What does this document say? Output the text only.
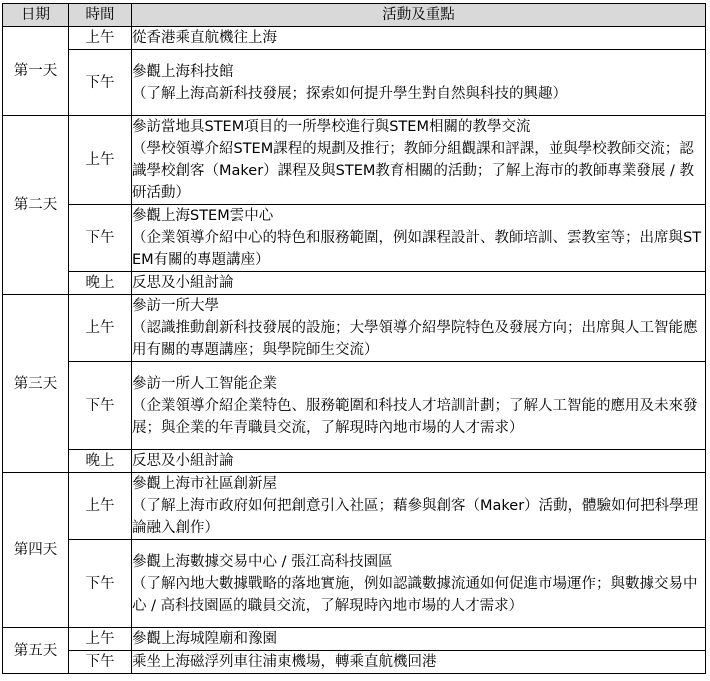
日期	時間	活動及重點
第一天	上午	從香港乘直航機往上海

	下午	參觀上海科技館
（了解上海高新科技發展；探索如何提升學生對自然與科技的興趣）

第二天	上午	參訪當地具STEM項目的一所學校進行與STEM相關的教學交流
（學校領導介紹STEM課程的規劃及推行；教師分組觀課和評課，並與學校教師交流；認識學校創客（Maker）課程及與STEM教育相關的活動；了解上海市的教師專業發展 / 教研活動）

	下午	參觀上海STEM雲中心
（企業領導介紹中心的特色和服務範圍，例如課程設計、教師培訓、雲教室等；出席與STEM有關的專題講座）

	晚上	反思及小組討論

第三天	上午	參訪一所大學
（認識推動創新科技發展的設施；大學領導介紹學院特色及發展方向；出席與人工智能應用有關的專題講座；與學院師生交流）

	下午	參訪一所人工智能企業
（企業領導介紹企業特色、服務範圍和科技人才培訓計劃；了解人工智能的應用及未來發展；與企業的年青職員交流，了解現時內地市場的人才需求）

	晚上	反思及小組討論

第四天	上午	參觀上海市社區創新屋
（了解上海市政府如何把創意引入社區；藉參與創客（Maker）活動，體驗如何把科學理論融入創作）

	下午	參觀上海數據交易中心 / 張江高科技園區
（了解內地大數據戰略的落地實施，例如認識數據流通如何促進市場運作；與數據交易中心 / 高科技園區的職員交流，了解現時內地市場的人才需求）

第五天	上午	參觀上海城隍廟和豫園

	下午	乘坐上海磁浮列車往浦東機場，轉乘直航機回港
